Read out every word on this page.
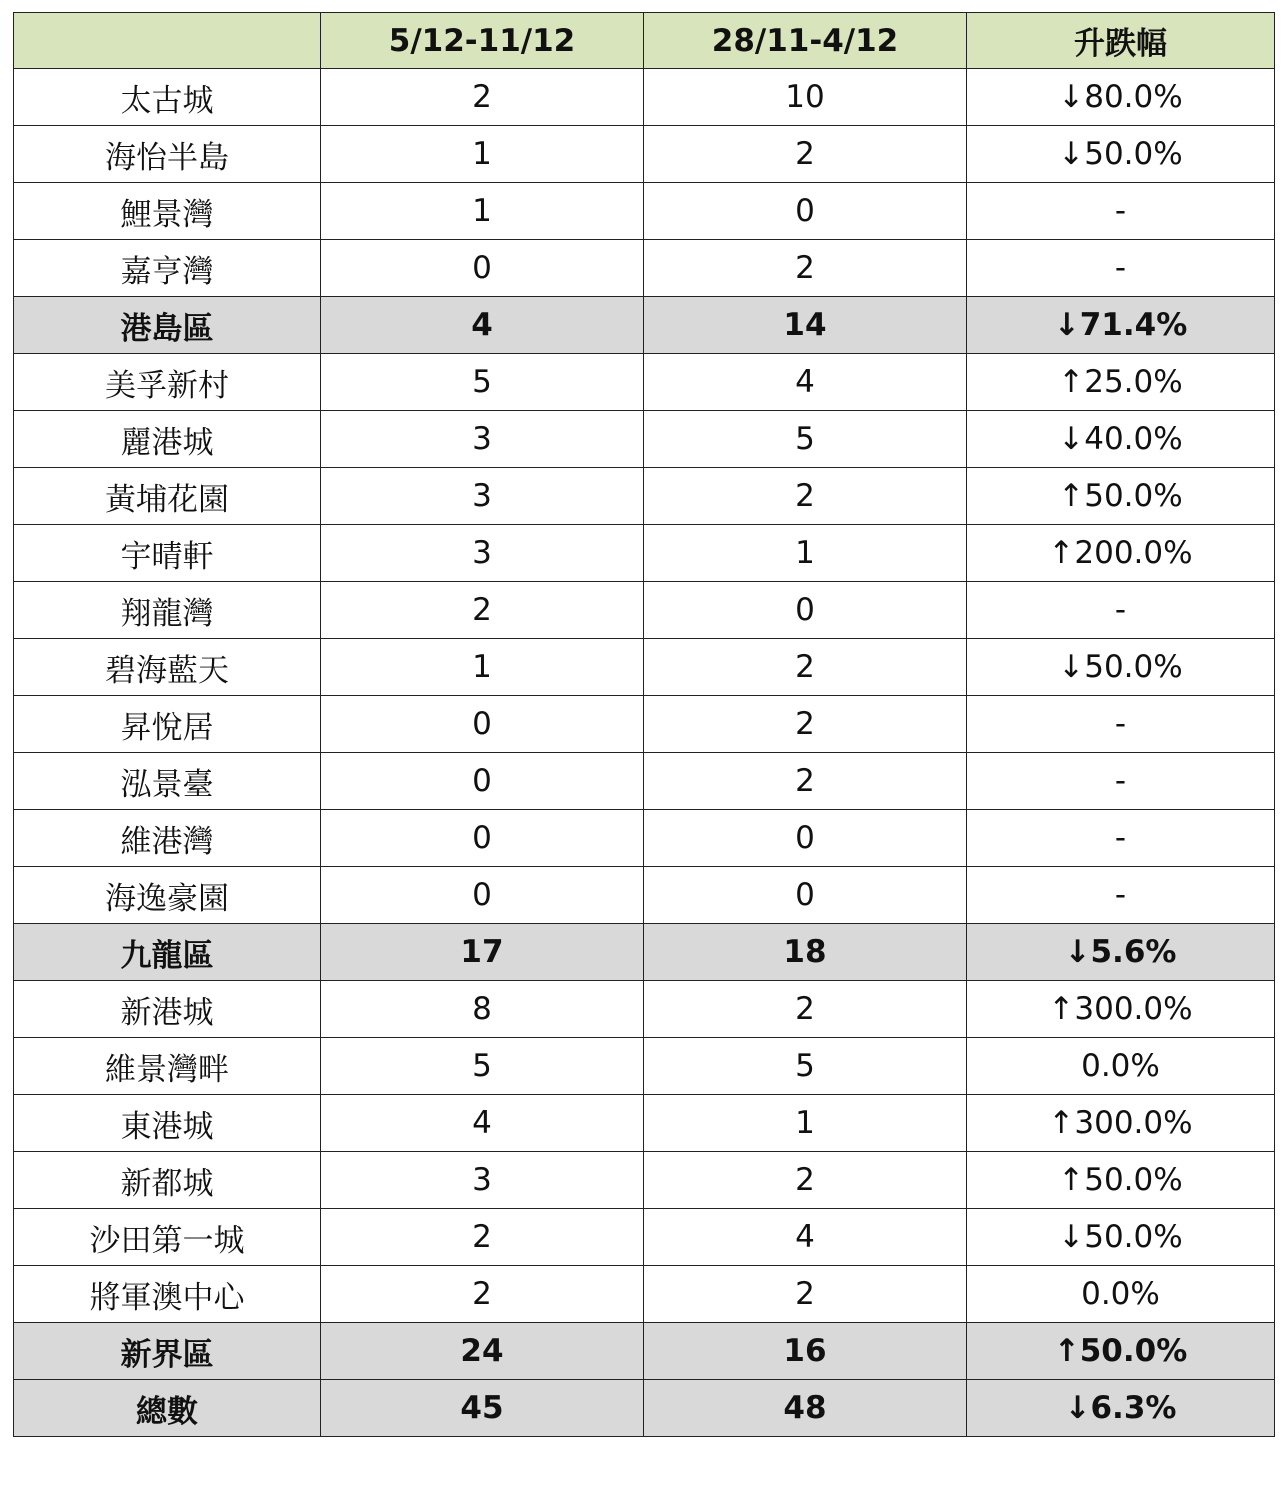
	5/12-11/12	28/11-4/12	升跌幅
太古城	2	10	↓80.0%
海怡半島	1	2	↓50.0%
鯉景灣	1	0	-
嘉亨灣	0	2	-
港島區	4	14	↓71.4%
美孚新村	5	4	↑25.0%
麗港城	3	5	↓40.0%
黃埔花園	3	2	↑50.0%
宇晴軒	3	1	↑200.0%
翔龍灣	2	0	-
碧海藍天	1	2	↓50.0%
昇悅居	0	2	-
泓景臺	0	2	-
維港灣	0	0	-
海逸豪園	0	0	-
九龍區	17	18	↓5.6%
新港城	8	2	↑300.0%
維景灣畔	5	5	0.0%
東港城	4	1	↑300.0%
新都城	3	2	↑50.0%
沙田第一城	2	4	↓50.0%
將軍澳中心	2	2	0.0%
新界區	24	16	↑50.0%
總數	45	48	↓6.3%
